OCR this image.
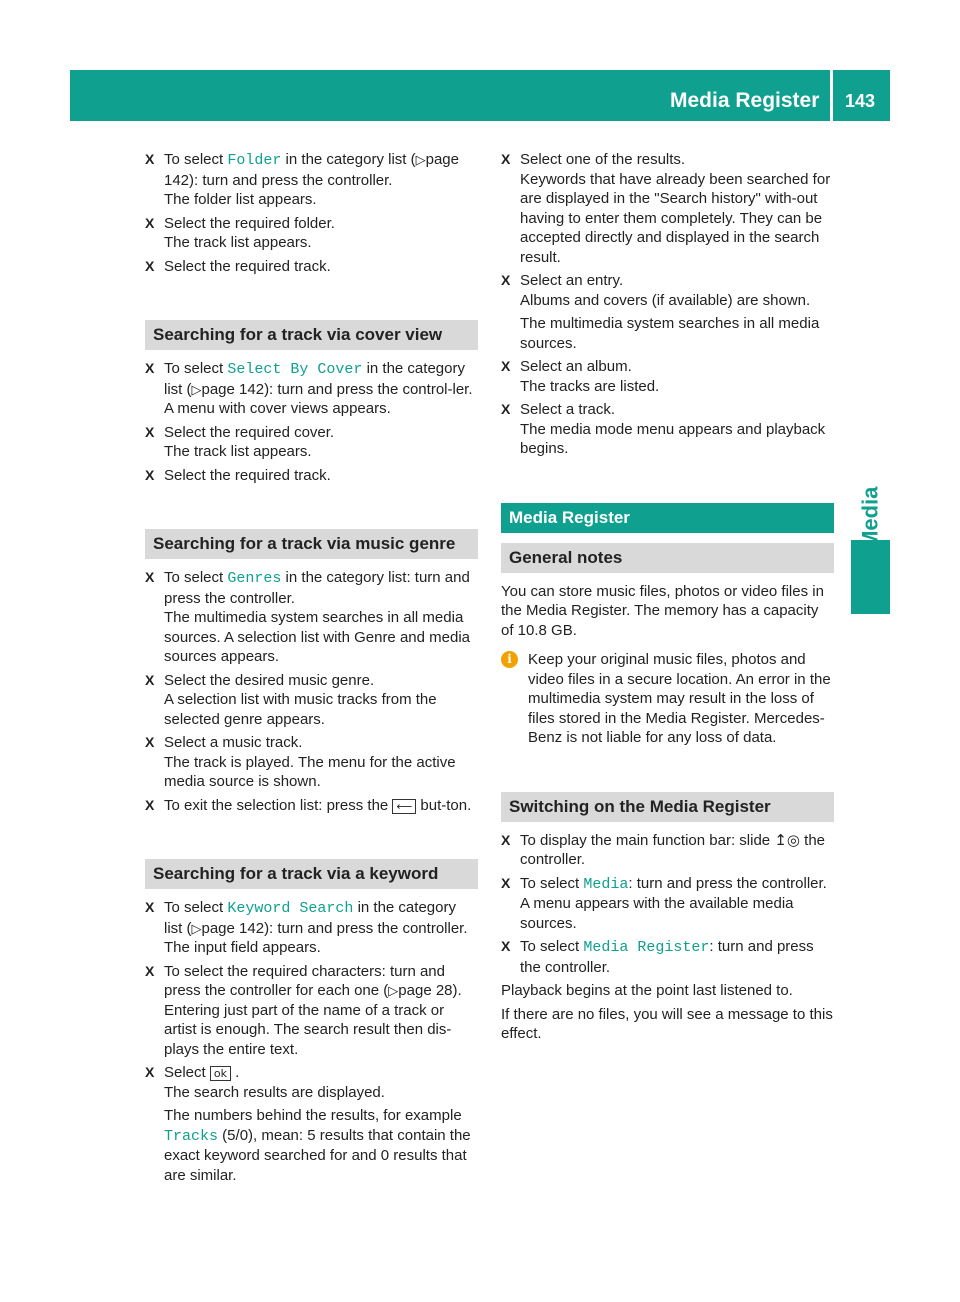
Media Register 143
Media
X To select Folder in the category list (▷page 142): turn and press the controller.
The folder list appears.
X Select the required folder.
The track list appears.
X Select the required track.
Searching for a track via cover view
X To select Select By Cover in the category list (▷page 142): turn and press the control-ler.
A menu with cover views appears.
X Select the required cover.
The track list appears.
X Select the required track.
Searching for a track via music genre
X To select Genres in the category list: turn and press the controller.
The multimedia system searches in all media sources. A selection list with Genre and media sources appears.
X Select the desired music genre.
A selection list with music tracks from the selected genre appears.
X Select a music track.
The track is played. The menu for the active media source is shown.
X To exit the selection list: press the ⟵ but-ton.
Searching for a track via a keyword
X To select Keyword Search in the category list (▷page 142): turn and press the controller.
The input field appears.
X To select the required characters: turn and press the controller for each one (▷page 28).
Entering just part of the name of a track or artist is enough. The search result then dis-plays the entire text.
X Select ok .
The search results are displayed.
The numbers behind the results, for example Tracks (5/0), mean: 5 results that contain the exact keyword searched for and 0 results that are similar.
X Select one of the results.
Keywords that have already been searched for are displayed in the "Search history" with-out having to enter them completely. They can be accepted directly and displayed in the search result.
X Select an entry.
Albums and covers (if available) are shown.
The multimedia system searches in all media sources.
X Select an album.
The tracks are listed.
X Select a track.
The media mode menu appears and playback begins.
Media Register
General notes
You can store music files, photos or video files in the Media Register. The memory has a capacity of 10.8 GB.
i	Keep your original music files, photos and video files in a secure location. An error in the multimedia system may result in the loss of files stored in the Media Register. Mercedes-Benz is not liable for any loss of data.
Switching on the Media Register
X To display the main function bar: slide ↥◎ the controller.
X To select Media: turn and press the controller.
A menu appears with the available media sources.
X To select Media Register: turn and press the controller.
Playback begins at the point last listened to.
If there are no files, you will see a message to this effect.
